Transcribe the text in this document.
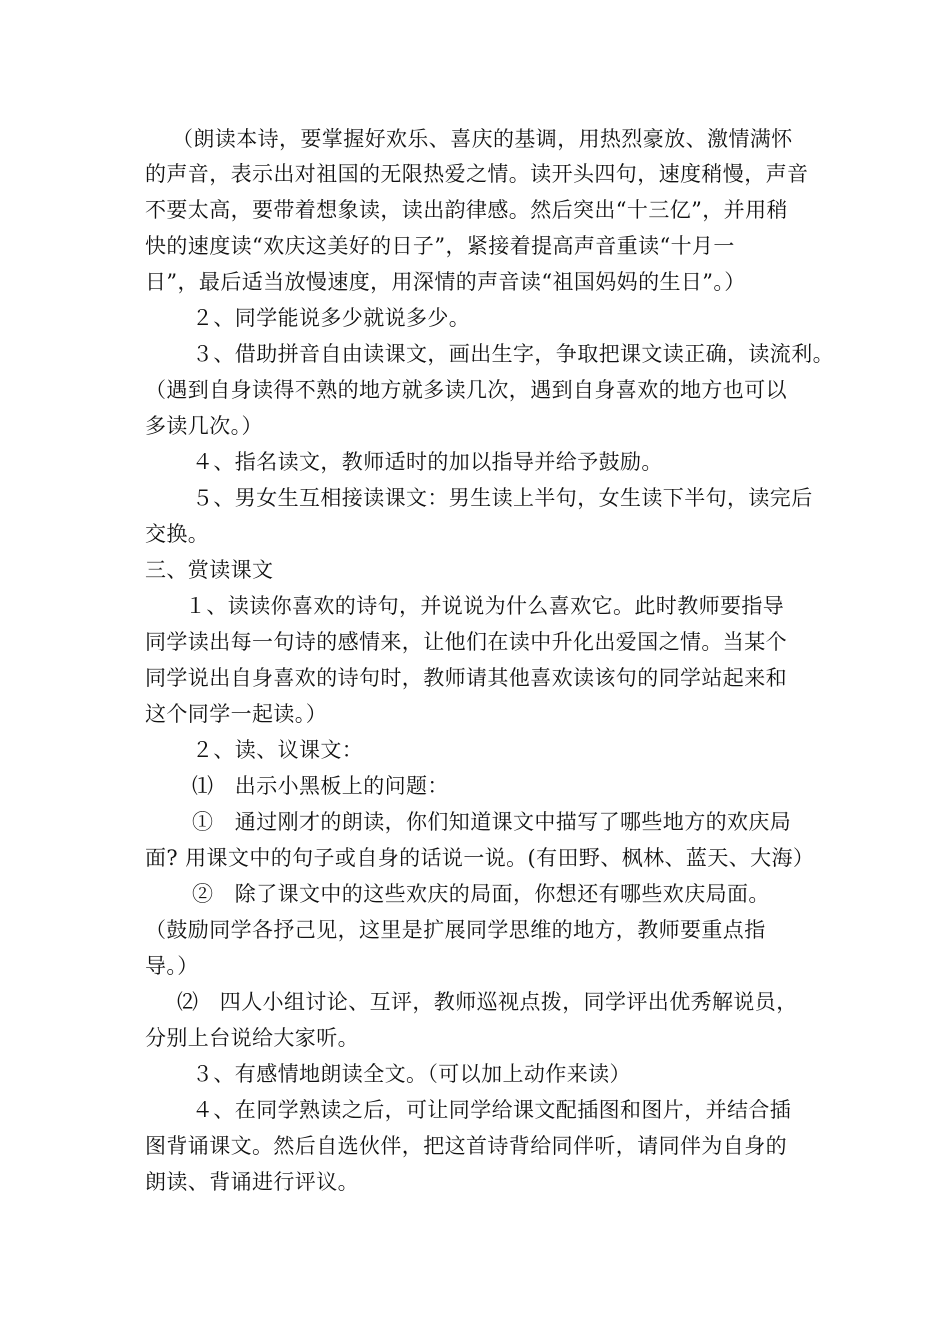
（朗读本诗，要掌握好欢乐、喜庆的基调，用热烈豪放、激情满怀
的声音，表示出对祖国的无限热爱之情。读开头四句，速度稍慢，声音
不要太高，要带着想象读，读出韵律感。然后突出“十三亿”，并用稍
快的速度读“欢庆这美好的日子”，紧接着提高声音重读“十月一
日”，最后适当放慢速度，用深情的声音读“祖国妈妈的生日”。）
２、同学能说多少就说多少。
３、借助拼音自由读课文，画出生字，争取把课文读正确，读流利。
（遇到自身读得不熟的地方就多读几次，遇到自身喜欢的地方也可以
多读几次。）
４、指名读文，教师适时的加以指导并给予鼓励。
５、男女生互相接读课文：男生读上半句，女生读下半句，读完后
交换。
三、赏读课文
１、读读你喜欢的诗句，并说说为什么喜欢它。此时教师要指导
同学读出每一句诗的感情来，让他们在读中升化出爱国之情。当某个
同学说出自身喜欢的诗句时，教师请其他喜欢读该句的同学站起来和
这个同学一起读。）
２、读、议课文：
⑴　出示小黑板上的问题：
①　通过刚才的朗读，你们知道课文中描写了哪些地方的欢庆局
面? 用课文中的句子或自身的话说一说。(有田野、枫林、蓝天、大海）
②　除了课文中的这些欢庆的局面，你想还有哪些欢庆局面。
（鼓励同学各抒己见，这里是扩展同学思维的地方，教师要重点指
导。）
⑵　四人小组讨论、互评，教师巡视点拨，同学评出优秀解说员，
分别上台说给大家听。
３、有感情地朗读全文。（可以加上动作来读）
４、在同学熟读之后，可让同学给课文配插图和图片，并结合插
图背诵课文。然后自选伙伴，把这首诗背给同伴听，请同伴为自身的
朗读、背诵进行评议。
